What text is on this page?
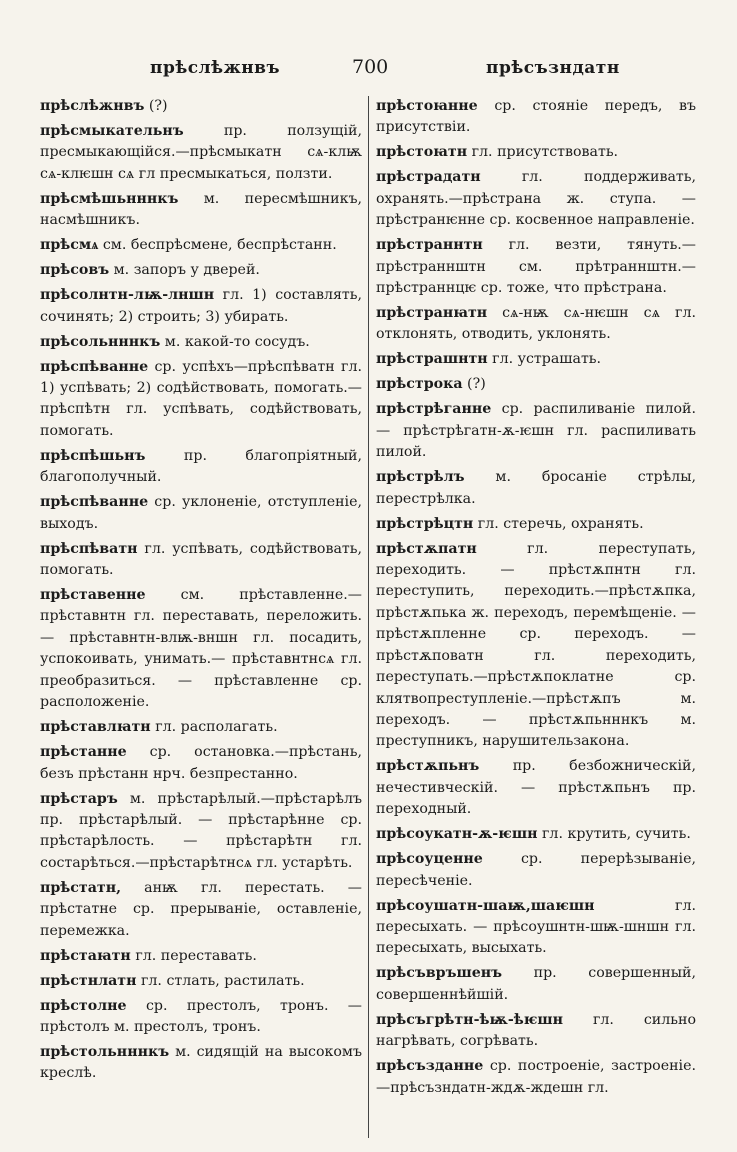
прѣслѣжнвъ	700	прѣсъзндатн

прѣслѣжнвъ (?)

прѣсмыкательнъ пр. ползущій, пресмыкающійся.—прѣсмыкатн сѧ-клѭ сѧ-клѥшн сѧ гл пресмыкаться, ползти.

прѣсмѣшьнннкъ м. пересмѣшникъ, насмѣшникъ.

прѣсмѧ см. беспрѣсмене, беспрѣстанн.

прѣсовъ м. запоръ у дверей.

прѣсолнтн-лѭ-лншн гл. 1) составлять, сочинять; 2) строить; 3) убирать.

прѣсольнннкъ м. какой-то сосудъ.

прѣспѣванне ср. успѣхъ—прѣспѣватн гл. 1) успѣвать; 2) содѣйствовать, помогать.—прѣспѣтн гл. успѣвать, содѣйствовать, помогать.

прѣспѣшьнъ пр. благопріятный, благополучный.

прѣспѣванне ср. уклоненіе, отступленіе, выходъ.

прѣспѣватн гл. успѣвать, содѣйствовать, помогать.

прѣставенне см. прѣставленне.—прѣставнтн гл. переставать, переложить. — прѣставнтн-влѭ-вншн гл. посадить, успокоивать, унимать.— прѣставнтнсѧ гл. преобразиться. — прѣставленне ср. расположеніе.

прѣставлꙗтн гл. располагать.

прѣстанне ср. остановка.—прѣстань, безъ прѣстанн нрч. безпрестанно.

прѣстаръ м. прѣстарѣлый.—прѣстарѣлъ пр. прѣстарѣлый. — прѣстарѣнне ср. прѣстарѣлость. — прѣстарѣтн гл. состарѣться.—прѣстарѣтнсѧ гл. устарѣть.

прѣстатн, анѭ гл. перестать. — прѣстатне ср. прерываніе, оставленіе, перемежка.

прѣстаꙗтн гл. переставать.

прѣстнлатн гл. стлать, растилать.

прѣстолне ср. престолъ, тронъ. — прѣстолъ м. престолъ, тронъ.

прѣстольнннкъ м. сидящій на высокомъ креслѣ.

прѣстоꙗнне ср. стояніе передъ, въ присутствіи.

прѣстоꙗтн гл. присутствовать.

прѣстрадатн гл. поддерживать, охранять.—прѣстрана ж. ступа. — прѣстранѥнне ср. косвенное направленіе.

прѣстраннтн гл. везти, тянуть.—прѣстраннштн см. прѣтраннштн.—прѣстраннцѥ ср. тоже, что прѣстрана.

прѣстранꙗтн сѧ-нѭ сѧ-нѥшн сѧ гл. отклонять, отводить, уклонять.

прѣстрашнтн гл. устрашать.

прѣстрока (?)

прѣстрѣганне ср. распиливаніе пилой. — прѣстрѣгатн-ѫ-ѥшн гл. распиливать пилой.

прѣстрѣлъ м. бросаніе стрѣлы, перестрѣлка.

прѣстрѣцтн гл. стеречь, охранять.

прѣстѫпатн гл. переступать, переходить. — прѣстѫпнтн гл. переступить, переходить.—прѣстѫпка, прѣстѫпька ж. переходъ, перемѣщеніе. — прѣстѫпленне ср. переходъ. — прѣстѫповатн гл. переходить, переступать.—прѣстѫпоклатне ср. клятвопреступленіе.—прѣстѫпъ м. переходъ. — прѣстѫпьнннкъ м. преступникъ, нарушительзакона.

прѣстѫпьнъ пр. безбожническій, нечестивческій. — прѣстѫпьнъ пр. переходный.

прѣсоукатн-ѫ-ѥшн гл. крутить, сучить.

прѣсоуценне ср. перерѣзываніе, пересѣченіе.

прѣсоушатн-шаѭ,шаѥшн гл. пересыхать. — прѣсоушнтн-шѭ-шншн гл. пересыхать, высыхать.

прѣсъвръшенъ пр. совершенный, совершеннѣйшій.

прѣсъгрѣтн-ѣѭ-ѣѥшн гл. сильно нагрѣвать, согрѣвать.

прѣсъзданне ср. построеніе, застроеніе.—прѣсъзндатн-ждѫ-ждешн гл.
